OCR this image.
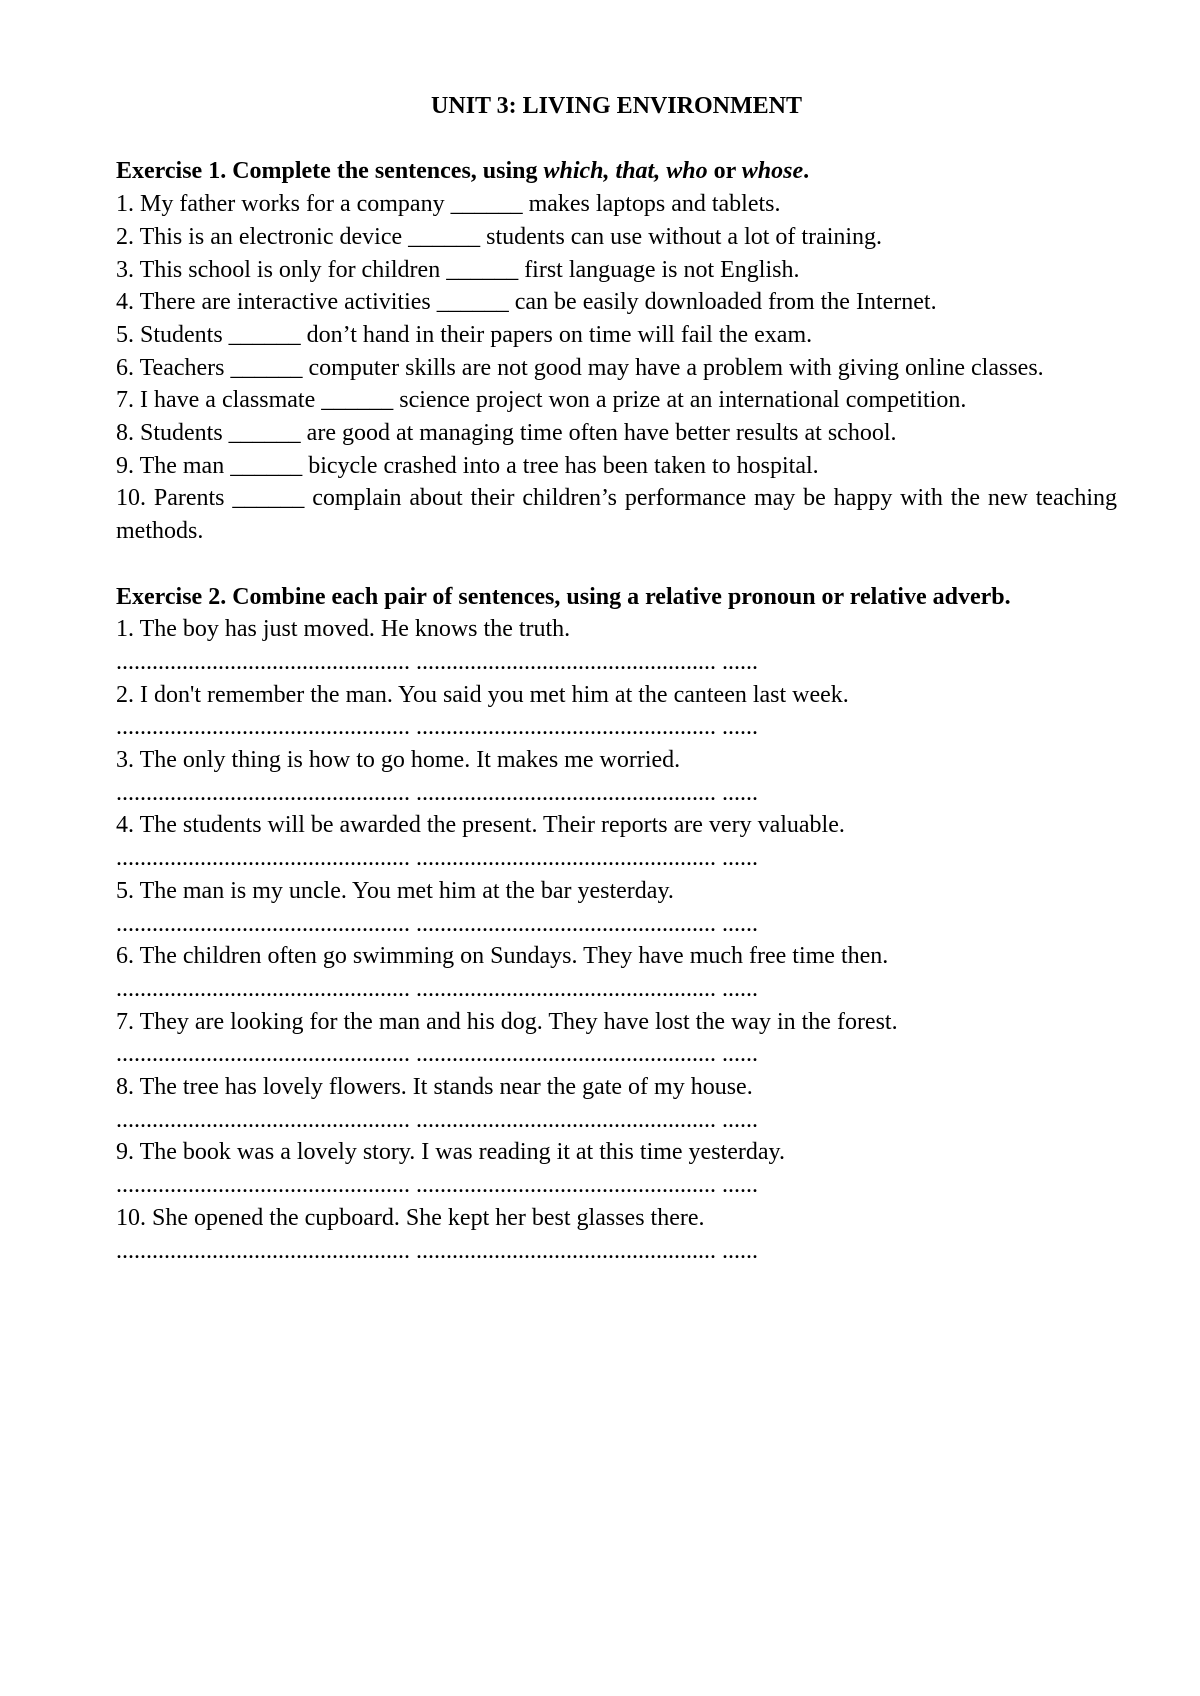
UNIT 3: LIVING ENVIRONMENT

Exercise 1. Complete the sentences, using which, that, who or whose.

1. My father works for a company ______ makes laptops and tablets.

2. This is an electronic device ______ students can use without a lot of training.

3. This school is only for children ______ first language is not English.

4. There are interactive activities ______ can be easily downloaded from the Internet.

5. Students ______ don’t hand in their papers on time will fail the exam.

6. Teachers ______ computer skills are not good may have a problem with giving online classes.

7. I have a classmate ______ science project won a prize at an international competition.

8. Students ______ are good at managing time often have better results at school.

9. The man ______ bicycle crashed into a tree has been taken to hospital.

10. Parents ______ complain about their children’s performance may be happy with the new teaching methods.

Exercise 2. Combine each pair of sentences, using a relative pronoun or relative adverb.

1. The boy has just moved. He knows the truth.

................................................. .................................................. ......

2. I don't remember the man. You said you met him at the canteen last week.

................................................. .................................................. ......

3. The only thing is how to go home. It makes me worried.

................................................. .................................................. ......

4. The students will be awarded the present. Their reports are very valuable.

................................................. .................................................. ......

5. The man is my uncle. You met him at the bar yesterday.

................................................. .................................................. ......

6. The children often go swimming on Sundays. They have much free time then.

................................................. .................................................. ......

7. They are looking for the man and his dog. They have lost the way in the forest.

................................................. .................................................. ......

8. The tree has lovely flowers. It stands near the gate of my house.

................................................. .................................................. ......

9. The book was a lovely story. I was reading it at this time yesterday.

................................................. .................................................. ......

10. She opened the cupboard. She kept her best glasses there.

................................................. .................................................. ......
